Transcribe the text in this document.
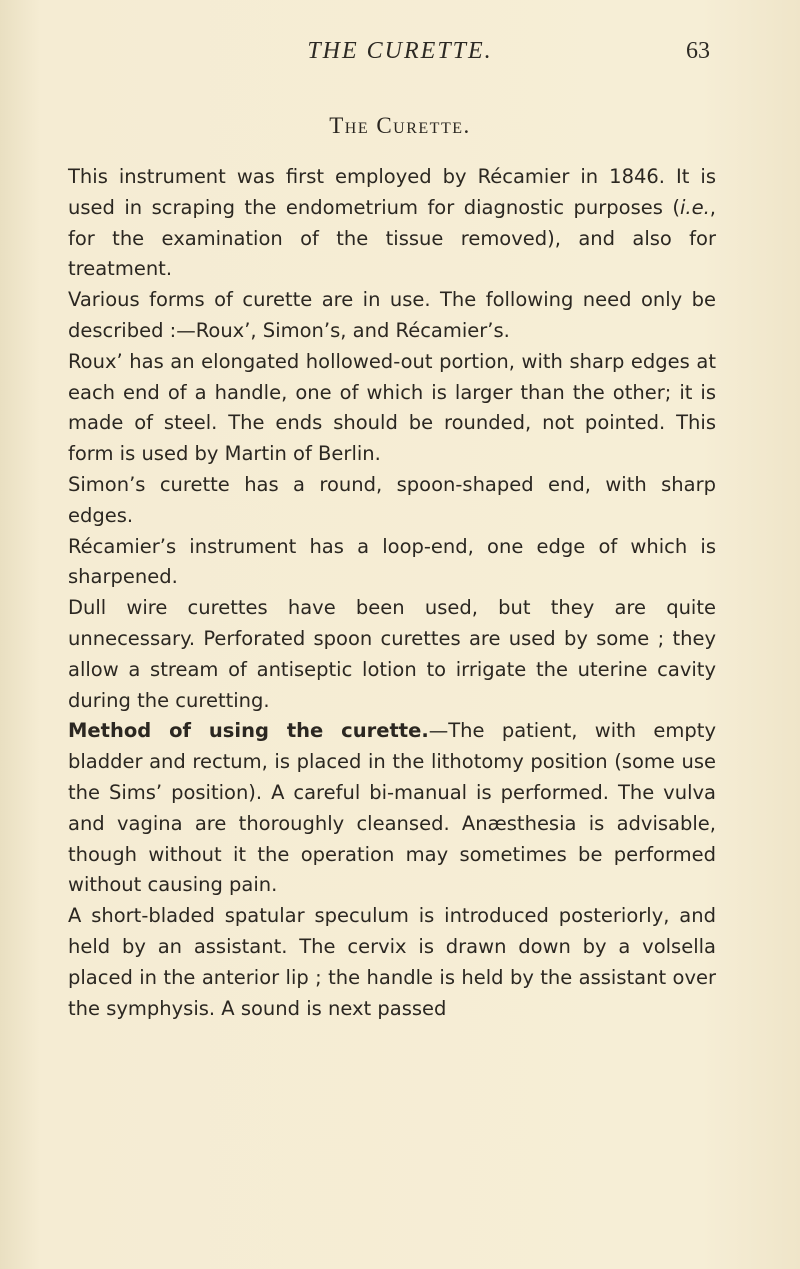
THE CURETTE.	63
The Curette.

This instrument was first employed by Récamier in 1846. It is used in scraping the endometrium for diagnostic purposes (i.e., for the examination of the tissue removed), and also for treatment.

Various forms of curette are in use. The following need only be described :—Roux’, Simon’s, and Récamier’s.

Roux’ has an elongated hollowed-out portion, with sharp edges at each end of a handle, one of which is larger than the other; it is made of steel. The ends should be rounded, not pointed. This form is used by Martin of Berlin.

Simon’s curette has a round, spoon-shaped end, with sharp edges.

Récamier’s instrument has a loop-end, one edge of which is sharpened.

Dull wire curettes have been used, but they are quite unnecessary. Perforated spoon curettes are used by some ; they allow a stream of antiseptic lotion to irrigate the uterine cavity during the curetting.

Method of using the curette.—The patient, with empty bladder and rectum, is placed in the lithotomy position (some use the Sims’ position). A careful bi-manual is performed. The vulva and vagina are thoroughly cleansed. Anæsthesia is advisable, though without it the operation may sometimes be performed without causing pain.

A short-bladed spatular speculum is introduced posteriorly, and held by an assistant. The cervix is drawn down by a volsella placed in the anterior lip ; the handle is held by the assistant over the symphysis. A sound is next passed
